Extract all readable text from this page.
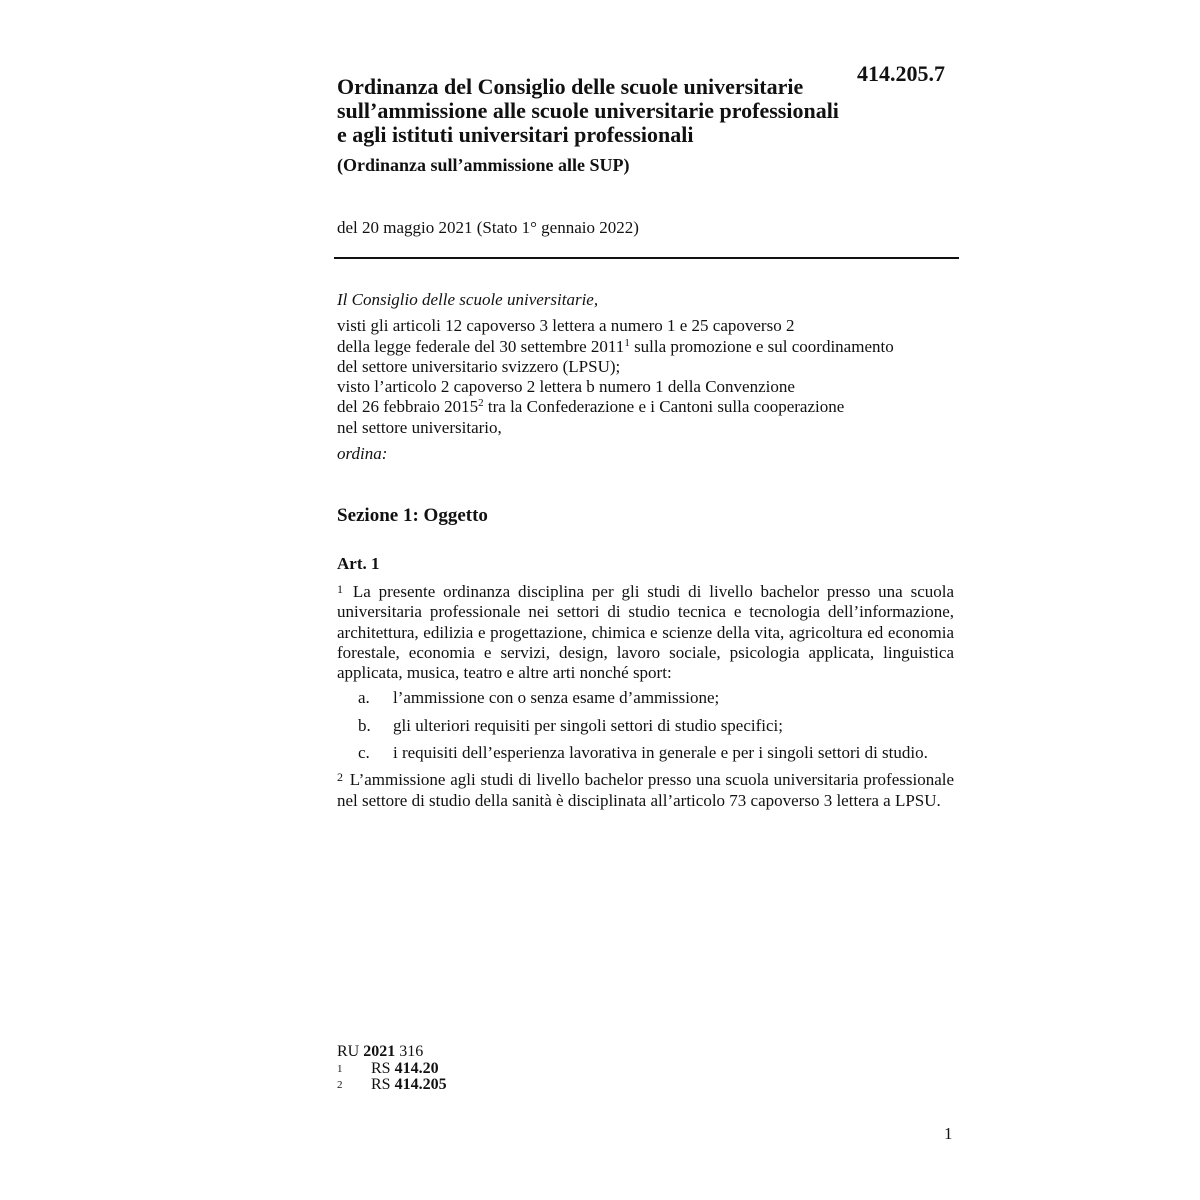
414.205.7
Ordinanza del Consiglio delle scuole universitarie
sull’ammissione alle scuole universitarie professionali
e agli istituti universitari professionali
(Ordinanza sull’ammissione alle SUP)
del 20 maggio 2021 (Stato 1° gennaio 2022)
Il Consiglio delle scuole universitarie,
visti gli articoli 12 capoverso 3 lettera a numero 1 e 25 capoverso 2
della legge federale del 30 settembre 2011$^1$ sulla promozione e sul coordinamento
del settore universitario svizzero (LPSU);
visto l’articolo 2 capoverso 2 lettera b numero 1 della Convenzione
del 26 febbraio 2015$^2$ tra la Confederazione e i Cantoni sulla cooperazione
nel settore universitario,
ordina:
Sezione 1: Oggetto
Art. 1

$^1$ La presente ordinanza disciplina per gli studi di livello bachelor presso una scuola universitaria professionale nei settori di studio tecnica e tecnologia dell’informazione, architettura, edilizia e progettazione, chimica e scienze della vita, agricoltura ed economia forestale, economia e servizi, design, lavoro sociale, psicologia applicata, linguistica applicata, musica, teatro e altre arti nonché sport:

a.	l’ammissione con o senza esame d’ammissione;
b.	gli ulteriori requisiti per singoli settori di studio specifici;
c.	i requisiti dell’esperienza lavorativa in generale e per i singoli settori di studio.

$^2$ L’ammissione agli studi di livello bachelor presso una scuola universitaria professionale nel settore di studio della sanità è disciplinata all’articolo 73 capoverso 3 lettera a LPSU.

RU 2021 316
1	RS 414.20
2	RS 414.205
1
